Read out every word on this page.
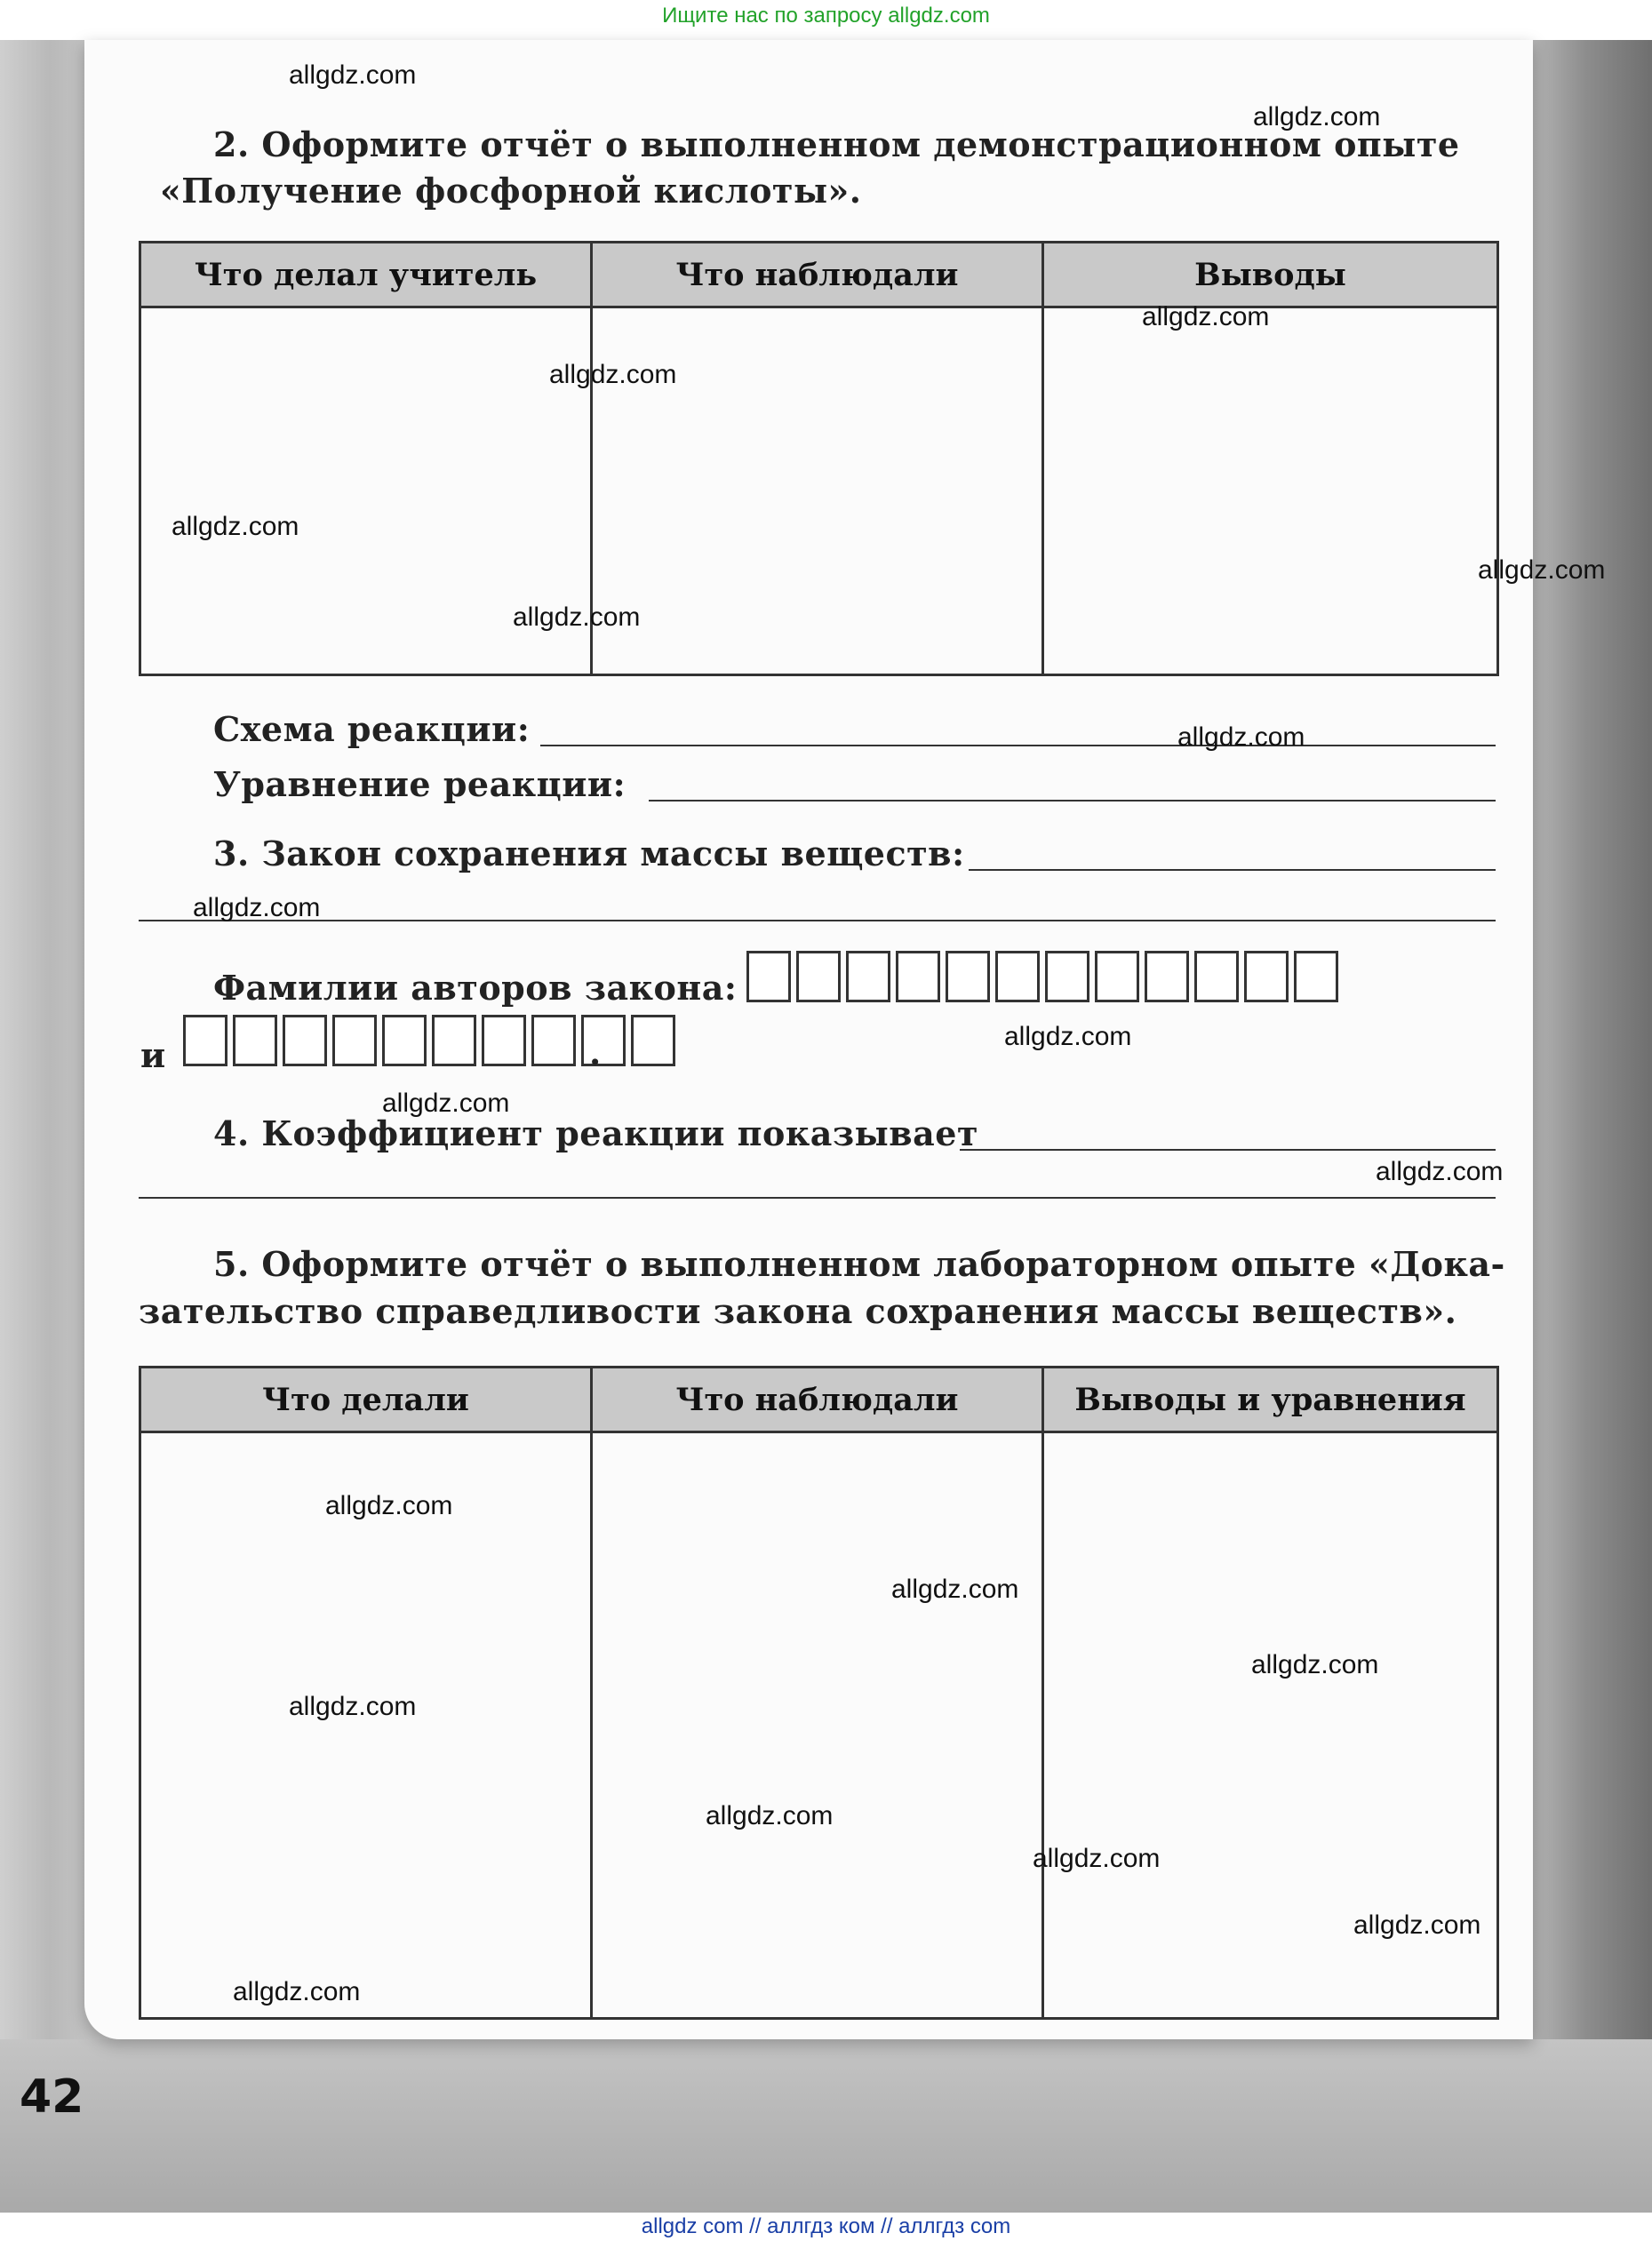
Ищите нас по запросу allgdz.com
2. Оформите отчёт о выполненном демонстрационном опыте
«Получение фосфорной кислоты».
Что делал учитель	Что наблюдали	Выводы

Схема реакции:
Уравнение реакции:
3. Закон сохранения массы веществ:
Фамилии авторов закона:
и	.
4. Коэффициент реакции показывает
5. Оформите отчёт о выполненном лабораторном опыте «Дока-
зательство справедливости закона сохранения массы веществ».
Что делали	Что наблюдали	Выводы и уравнения

42
allgdz.com
allgdz.com
allgdz.com
allgdz.com
allgdz.com
allgdz.com
allgdz.com
allgdz.com
allgdz.com
allgdz.com
allgdz.com
allgdz.com
allgdz.com
allgdz.com
allgdz.com
allgdz.com
allgdz.com
allgdz.com
allgdz.com
allgdz.com
allgdz com // аллгдз ком // аллгдз com
